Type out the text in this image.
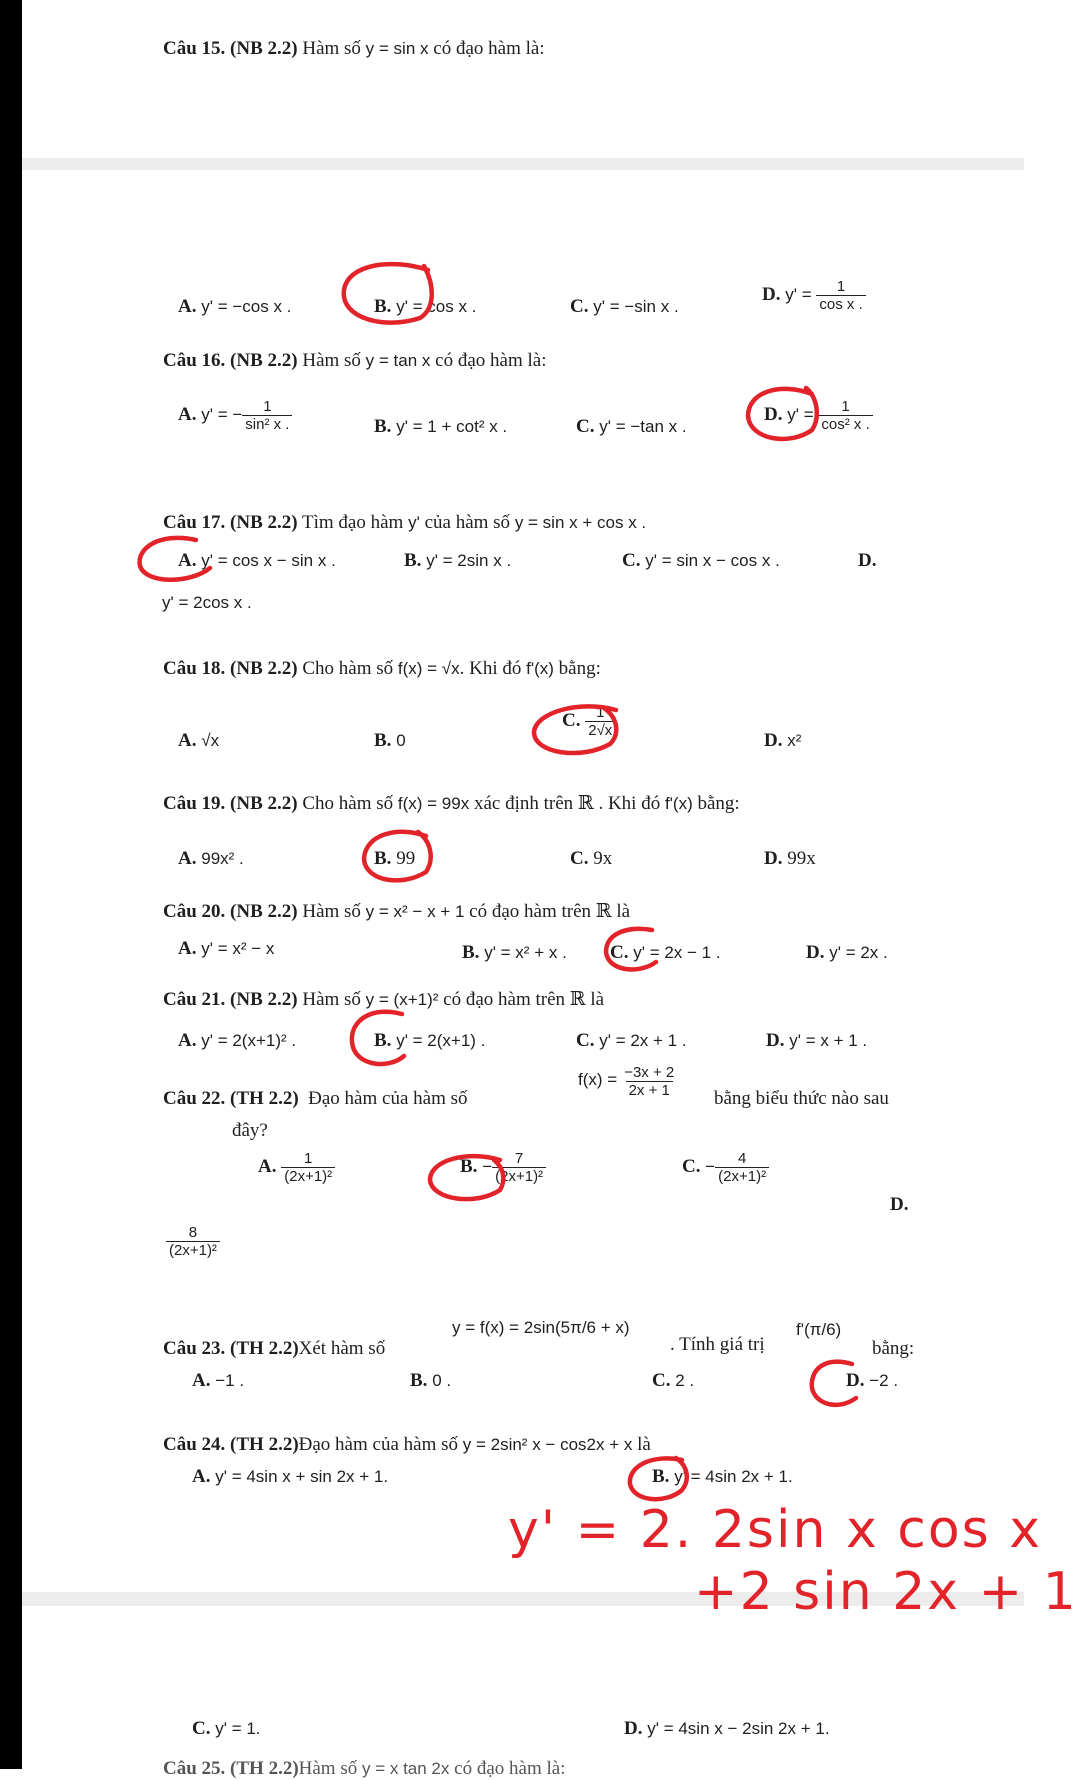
Câu 15. (NB 2.2) Hàm số y = sin x có đạo hàm là:
A. y' = −cos x .	B. y' = cos x .	C. y' = −sin x .
D. $y' = \frac{1}{\text{cos x .}}$
Câu 16. (NB 2.2) Hàm số y = tan x có đạo hàm là:
A. y' = − $\frac{1}{\text{sin² x .}}$	B. y' = 1 + cot² x .	C. y' = −tan x .
D. $y' = \frac{1}{\text{cos² x .}}$
Câu 17. (NB 2.2) Tìm đạo hàm y' của hàm số y = sin x + cos x .
A. y' = cos x − sin x .	B. y' = 2sin x .	C. y' = sin x − cos x .	D.
y' = 2cos x .
Câu 18. (NB 2.2) Cho hàm số f(x) = √x. Khi đó f'(x) bằng:
A. √x	B. 0
C. $\frac{1}{2√x}$
D. x²
Câu 19. (NB 2.2) Cho hàm số f(x) = 99x xác định trên ℝ . Khi đó f'(x) bằng:
A. 99x² .	B. 99	C. 9x	D. 99x
Câu 20. (NB 2.2) Hàm số y = x² − x + 1 có đạo hàm trên ℝ là
A. y' = x² − x	B. y' = x² + x . C. y' = 2x − 1 .	D. y' = 2x .
Câu 21. (NB 2.2) Hàm số y = (x+1)² có đạo hàm trên ℝ là
A. y' = 2(x+1)² .	B. y' = 2(x+1) .	C. y' = 2x + 1 .	D. y' = x + 1 .
Câu 22. (TH 2.2) Đạo hàm của hàm số
$f(x) = \frac{-3x + 2}{2x + 1}$ bằng biểu thức nào sau
đây?
A. $\frac{1}{\text{(2x+1)²}}$	B. − $\frac{7}{\text{(2x+1)²}}$	C. − $\frac{4}{\text{(2x+1)²}}$
D.
$\frac{8}{\text{(2x+1)²}}$
Câu 23. (TH 2.2)Xét hàm số
y = f(x) = 2sin(5π/6 + x)
. Tính giá trị
f'(π/6)
bằng:
A. −1 .	B. 0 .	C. 2 .	D. −2 .
Câu 24. (TH 2.2)Đạo hàm của hàm số y = 2sin² x − cos2x + x là
A. y' = 4sin x + sin 2x + 1.	B. y' = 4sin 2x + 1.
y' = 2. 2sin x cos x
+2 sin 2x + 1
C. y' = 1.	D. y' = 4sin x − 2sin 2x + 1.
Câu 25. (TH 2.2)Hàm số y = x tan 2x có đạo hàm là:
